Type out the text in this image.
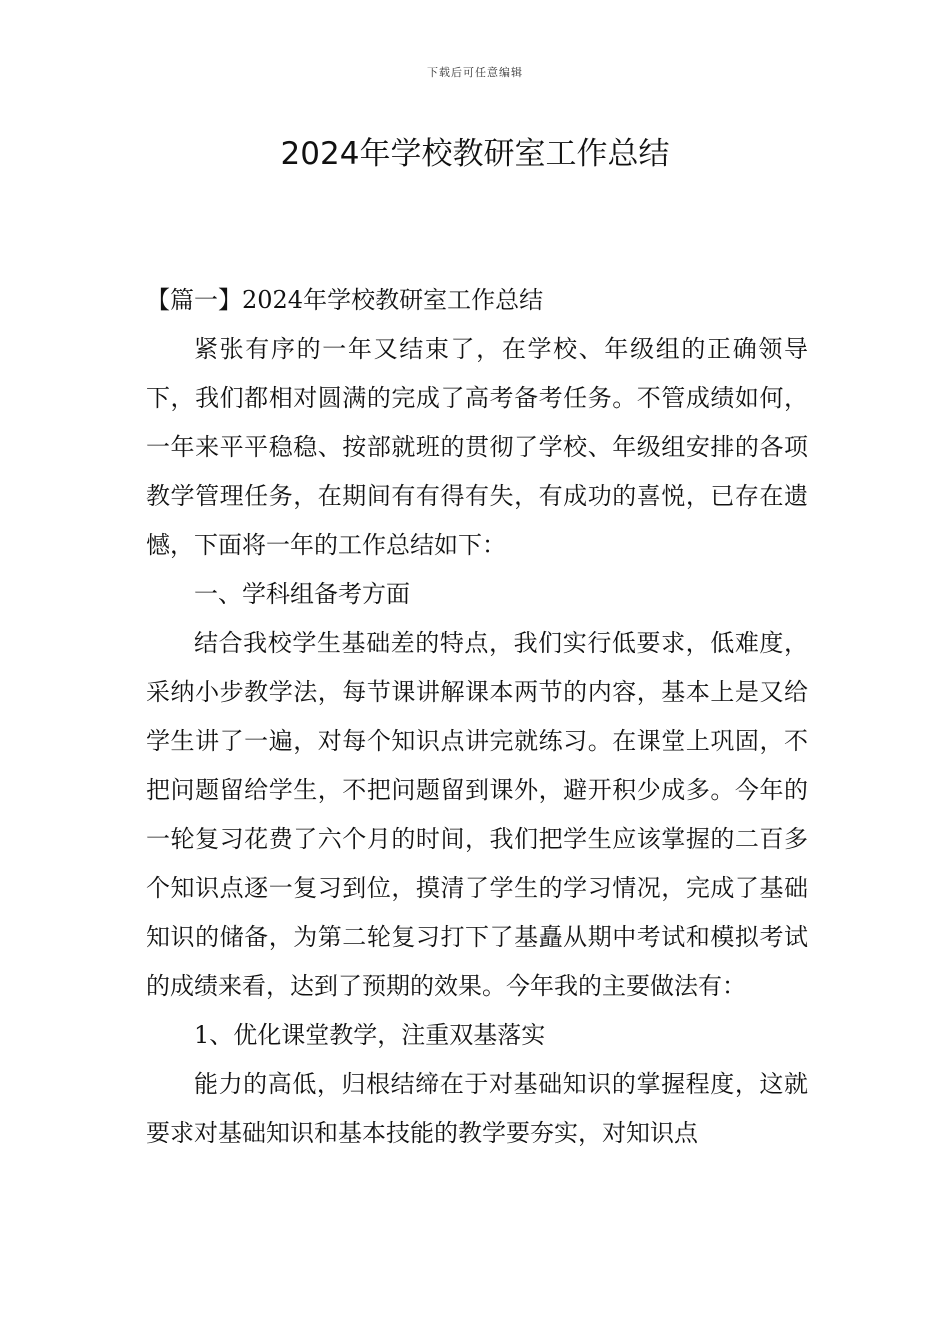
下载后可任意编辑
2024年学校教研室工作总结

【篇一】2024年学校教研室工作总结

紧张有序的一年又结束了，在学校、年级组的正确领导下，我们都相对圆满的完成了高考备考任务。不管成绩如何，一年来平平稳稳、按部就班的贯彻了学校、年级组安排的各项教学管理任务，在期间有有得有失，有成功的喜悦，已存在遗憾，下面将一年的工作总结如下：

一、学科组备考方面

结合我校学生基础差的特点，我们实行低要求，低难度，采纳小步教学法，每节课讲解课本两节的内容，基本上是又给学生讲了一遍，对每个知识点讲完就练习。在课堂上巩固，不把问题留给学生，不把问题留到课外，避开积少成多。今年的一轮复习花费了六个月的时间，我们把学生应该掌握的二百多个知识点逐一复习到位，摸清了学生的学习情况，完成了基础知识的储备，为第二轮复习打下了基矗从期中考试和模拟考试的成绩来看，达到了预期的效果。今年我的主要做法有：

1、优化课堂教学，注重双基落实

能力的高低，归根结缔在于对基础知识的掌握程度，这就要求对基础知识和基本技能的教学要夯实，对知识点
